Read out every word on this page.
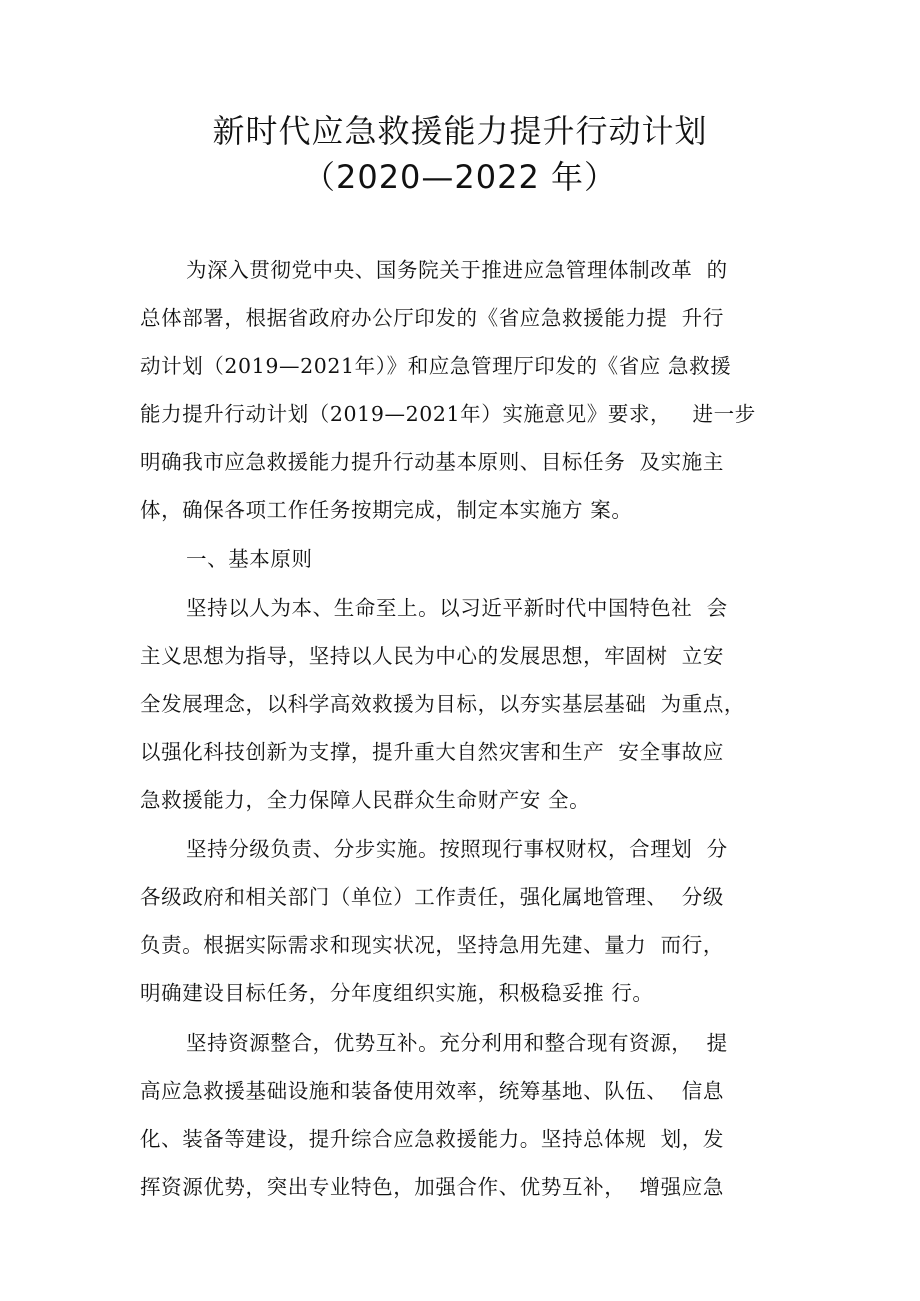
新时代应急救援能力提升行动计划
（2020—2022 年）
为深入贯彻党中央、国务院关于推进应急管理体制改革  的
总体部署，根据省政府办公厅印发的《省应急救援能力提  升行
动计划（2019—2021年）》和应急管理厅印发的《省应 急救援
能力提升行动计划（2019—2021年）实施意见》要求，   进一步
明确我市应急救援能力提升行动基本原则、目标任务  及实施主
体，确保各项工作任务按期完成，制定本实施方 案。
一、基本原则
坚持以人为本、生命至上。以习近平新时代中国特色社  会
主义思想为指导，坚持以人民为中心的发展思想，牢固树  立安
全发展理念，以科学高效救援为目标，以夯实基层基础  为重点，
以强化科技创新为支撑，提升重大自然灾害和生产  安全事故应
急救援能力，全力保障人民群众生命财产安 全。
坚持分级负责、分步实施。按照现行事权财权，合理划  分
各级政府和相关部门（单位）工作责任，强化属地管理、  分级
负责。根据实际需求和现实状况，坚持急用先建、量力  而行，
明确建设目标任务，分年度组织实施，积极稳妥推 行。
坚持资源整合，优势互补。充分利用和整合现有资源，  提
高应急救援基础设施和装备使用效率，统筹基地、队伍、  信息
化、装备等建设，提升综合应急救援能力。坚持总体规  划，发
挥资源优势，突出专业特色，加强合作、优势互补，  增强应急
